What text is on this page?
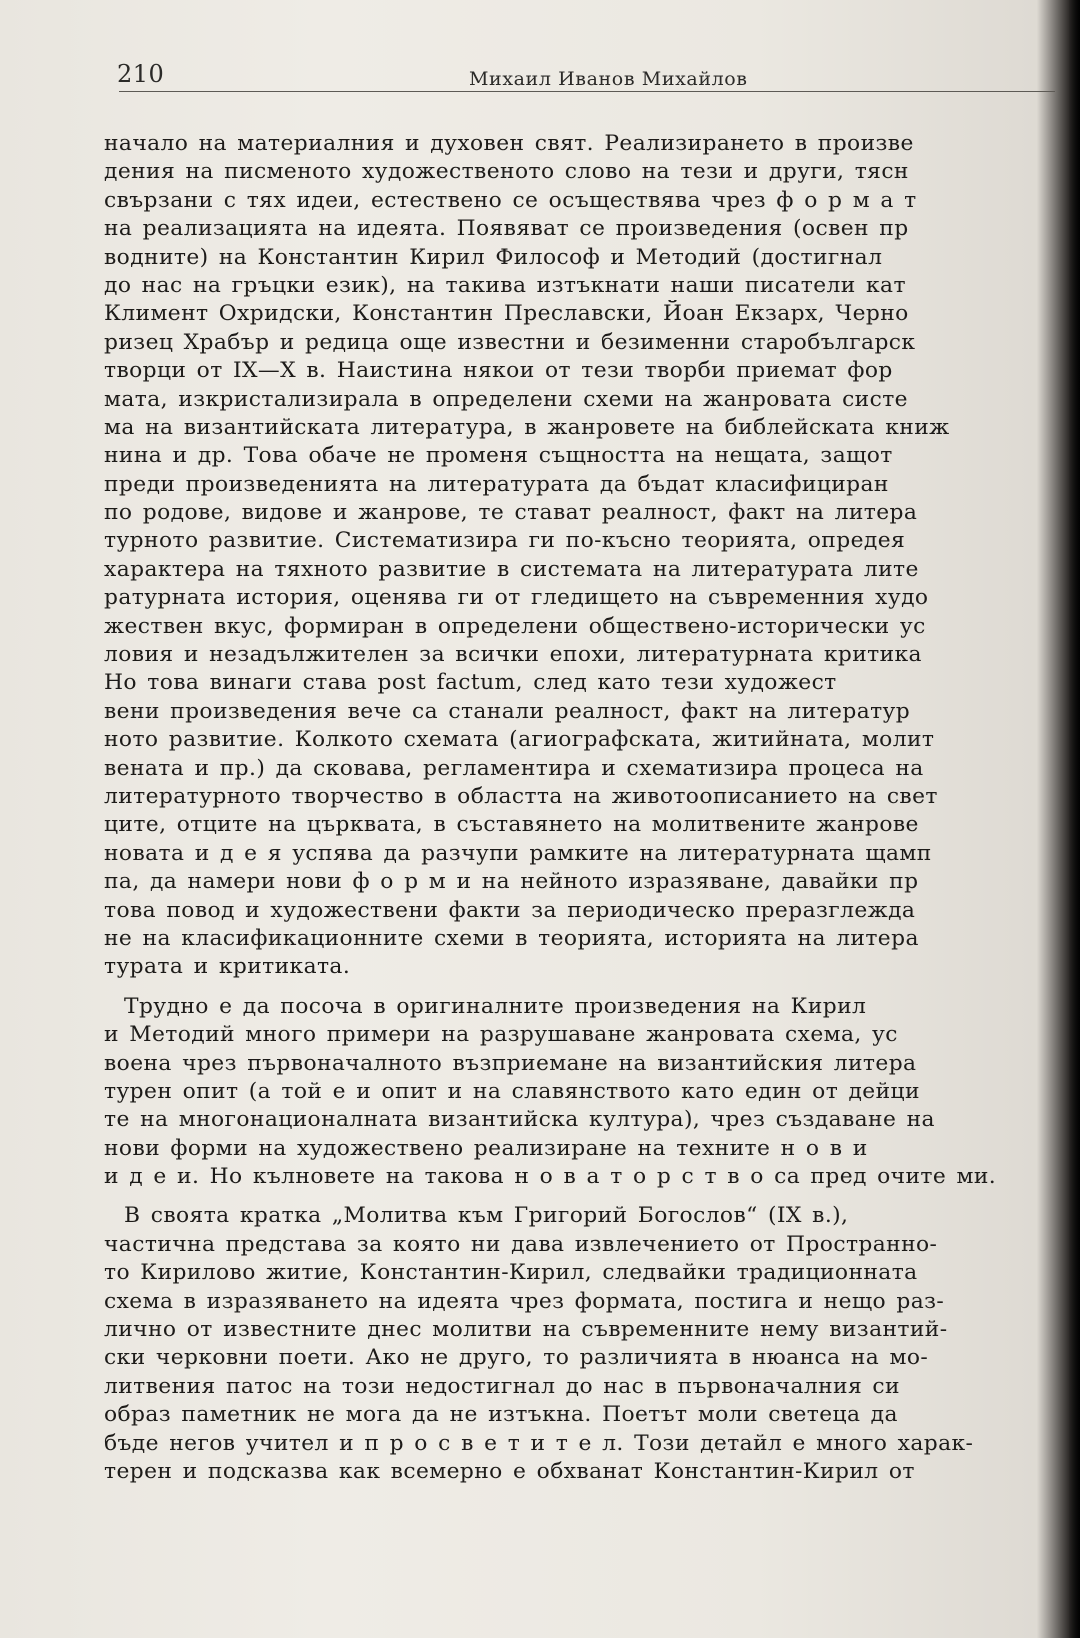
210	Михаил Иванов Михайлов
начало на материалния и духовен свят. Реализирането в произве
дения на писменото художественото слово на тези и други, тясн
свързани с тях идеи, естествено се осъществява чрез ф о р м а т
на реализацията на идеята. Появяват се произведения (освен пр
водните) на Константин Кирил Философ и Методий (достигнал
до нас на гръцки език), на такива изтъкнати наши писатели кат
Климент Охридски, Константин Преславски, Йоан Екзарх, Черно
ризец Храбър и редица още известни и безименни старобългарск
творци от IX—X в. Наистина някои от тези творби приемат фор
мата, изкристализирала в определени схеми на жанровата систе
ма на византийската литература, в жанровете на библейската книж
нина и др. Това обаче не променя същността на нещата, защот
преди произведенията на литературата да бъдат класифициран
по родове, видове и жанрове, те стават реалност, факт на литера
турното развитие. Систематизира ги по-късно теорията, опредея
характера на тяхното развитие в системата на литературата лите
ратурната история, оценява ги от гледището на съвременния худо
жествен вкус, формиран в определени обществено-исторически ус
ловия и незадължителен за всички епохи, литературната критика
Но това винаги става post factum, след като тези художест
вени произведения вече са станали реалност, факт на литератур
ното развитие. Колкото схемата (агиографската, житийната, молит
вената и пр.) да сковава, регламентира и схематизира процеса на
литературното творчество в областта на животоописанието на свет
ците, отците на църквата, в съставянето на молитвените жанрове
новата и д е я успява да разчупи рамките на литературната щамп
па, да намери нови ф о р м и на нейното изразяване, давайки пр
това повод и художествени факти за периодическо преразглежда
не на класификационните схеми в теорията, историята на литера
турата и критиката.
Трудно е да посоча в оригиналните произведения на Кирил
и Методий много примери на разрушаване жанровата схема, ус
воена чрез първоначалното възприемане на византийския литера
турен опит (а той е и опит и на славянството като един от дейци
те на многонационалната византийска култура), чрез създаване на
нови форми на художествено реализиране на техните н о в и
и д е и. Но кълновете на такова н о в а т о р с т в о са пред очите ми.
В своята кратка „Молитва към Григорий Богослов“ (IX в.),
частична представа за която ни дава извлечението от Пространно-
то Кирилово житие, Константин-Кирил, следвайки традиционната
схема в изразяването на идеята чрез формата, постига и нещо раз-
лично от известните днес молитви на съвременните нему византий-
ски черковни поети. Ако не друго, то различията в нюанса на мо-
литвения патос на този недостигнал до нас в първоначалния си
образ паметник не мога да не изтъкна. Поетът моли светеца да
бъде негов учител и п р о с в е т и т е л. Този детайл е много харак-
терен и подсказва как всемерно е обхванат Константин-Кирил от
